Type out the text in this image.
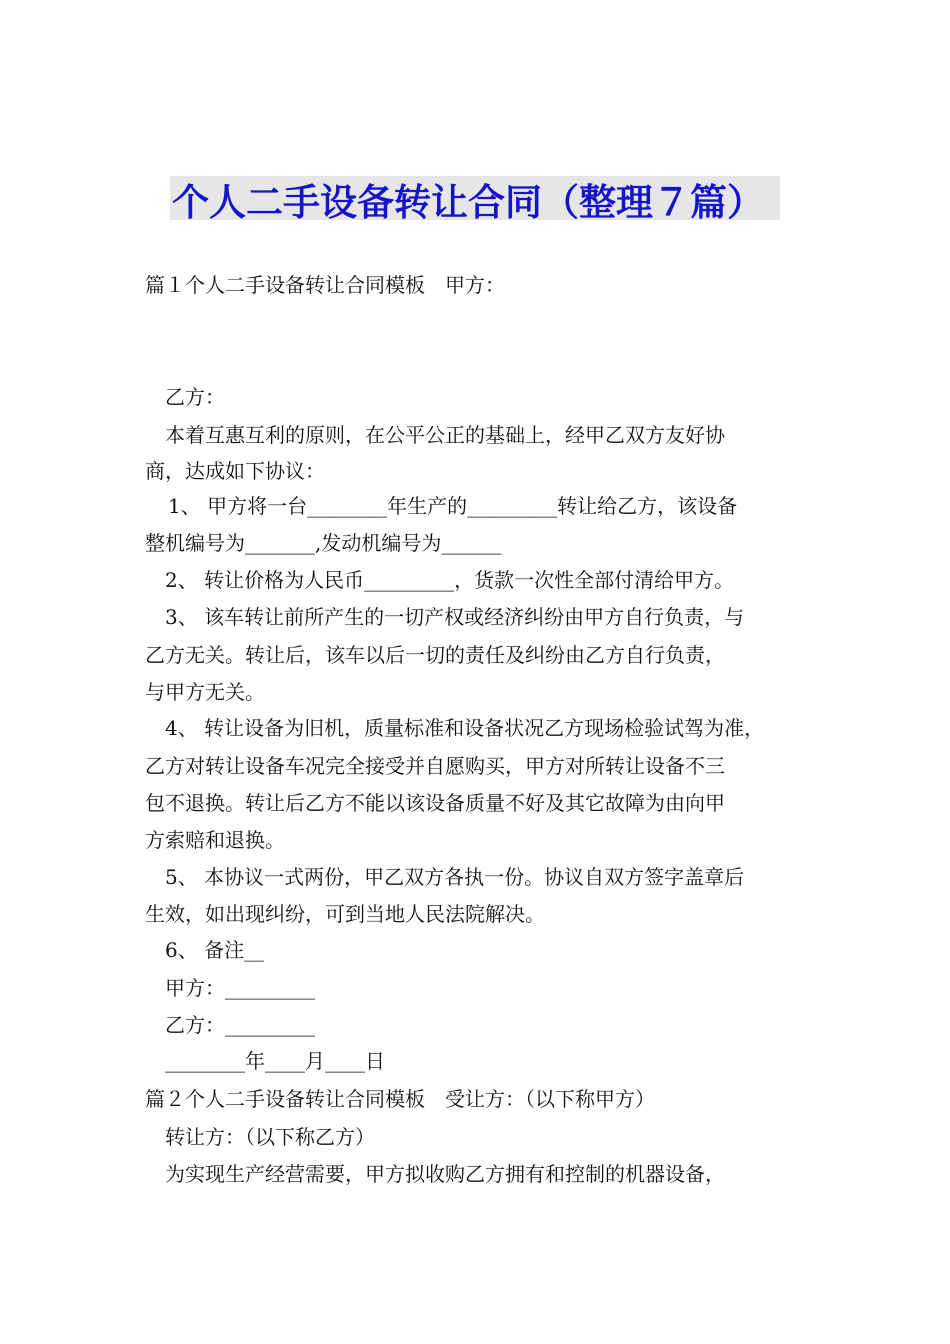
个人二手设备转让合同（整理７篇）
篇１个人二手设备转让合同模板　甲方：
乙方：
本着互惠互利的原则，在公平公正的基础上，经甲乙双方友好协
商，达成如下协议：
1、 甲方将一台________年生产的_________转让给乙方，该设备
整机编号为_______,发动机编号为______
2、 转让价格为人民币_________，货款一次性全部付清给甲方。
3、 该车转让前所产生的一切产权或经济纠纷由甲方自行负责，与
乙方无关。转让后，该车以后一切的责任及纠纷由乙方自行负责，
与甲方无关。
4、 转让设备为旧机，质量标准和设备状况乙方现场检验试驾为准，
乙方对转让设备车况完全接受并自愿购买，甲方对所转让设备不三
包不退换。转让后乙方不能以该设备质量不好及其它故障为由向甲
方索赔和退换。
5、 本协议一式两份，甲乙双方各执一份。协议自双方签字盖章后
生效，如出现纠纷，可到当地人民法院解决。
6、 备注__
甲方：_________
乙方：_________
________年____月____日
篇２个人二手设备转让合同模板　受让方：（以下称甲方）
转让方：（以下称乙方）
为实现生产经营需要，甲方拟收购乙方拥有和控制的机器设备，
